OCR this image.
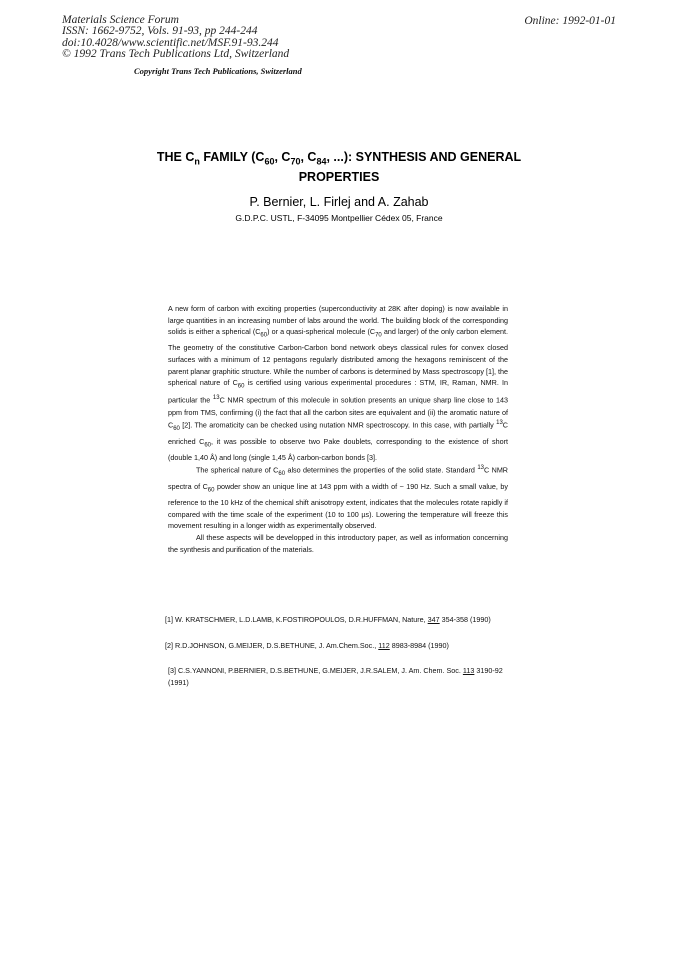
Materials Science Forum
ISSN: 1662-9752, Vols. 91-93, pp 244-244
doi:10.4028/www.scientific.net/MSF.91-93.244
© 1992 Trans Tech Publications Ltd, Switzerland
Online: 1992-01-01
Copyright Trans Tech Publications, Switzerland
THE $C_n$ FAMILY ($C_{60}$, $C_{70}$, $C_{84}$, ...): SYNTHESIS AND GENERAL
PROPERTIES
P. Bernier, L. Firlej and A. Zahab
G.D.P.C. USTL, F-34095 Montpellier Cédex 05, France

A new form of carbon with exciting properties (superconductivity at 28K after doping) is now available in large quantities in an increasing number of labs around the world. The building block of the corresponding solids is either a spherical $(C_{60})$ or a quasi-spherical molecule ($C_{70}$ and larger) of the only carbon element. The geometry of the constitutive Carbon-Carbon bond network obeys classical rules for convex closed surfaces with a minimum of 12 pentagons regularly distributed among the hexagons reminiscent of the parent planar graphitic structure. While the number of carbons is determined by Mass spectroscopy [1], the spherical nature of $C_{60}$ is certified using various experimental procedures : STM, IR, Raman, NMR. In particular the $^{13}$C NMR spectrum of this molecule in solution presents an unique sharp line close to 143 ppm from TMS, confirming (i) the fact that all the carbon sites are equivalent and (ii) the aromatic nature of $C_{60}$ [2]. The aromaticity can be checked using nutation NMR spectroscopy. In this case, with partially $^{13}$C enriched $C_{60}$, it was possible to observe two Pake doublets, corresponding to the existence of short (double 1,40 Å) and long (single 1,45 Å) carbon-carbon bonds [3].

The spherical nature of $C_{60}$ also determines the properties of the solid state. Standard $^{13}$C NMR spectra of $C_{60}$ powder show an unique line at 143 ppm with a width of ~ 190 Hz. Such a small value, by reference to the 10 kHz of the chemical shift anisotropy extent, indicates that the molecules rotate rapidly if compared with the time scale of the experiment (10 to 100 µs). Lowering the temperature will freeze this movement resulting in a longer width as experimentally observed.

All these aspects will be developped in this introductory paper, as well as information concerning the synthesis and purification of the materials.

[1] W. KRATSCHMER, L.D.LAMB, K.FOSTIROPOULOS, D.R.HUFFMAN, Nature, 347 354-358 (1990)

[2] R.D.JOHNSON, G.MEIJER, D.S.BETHUNE, J. Am.Chem.Soc., 112 8983-8984 (1990)

[3] C.S.YANNONI, P.BERNIER, D.S.BETHUNE, G.MEIJER, J.R.SALEM, J. Am. Chem. Soc. 113 3190-92 (1991)
